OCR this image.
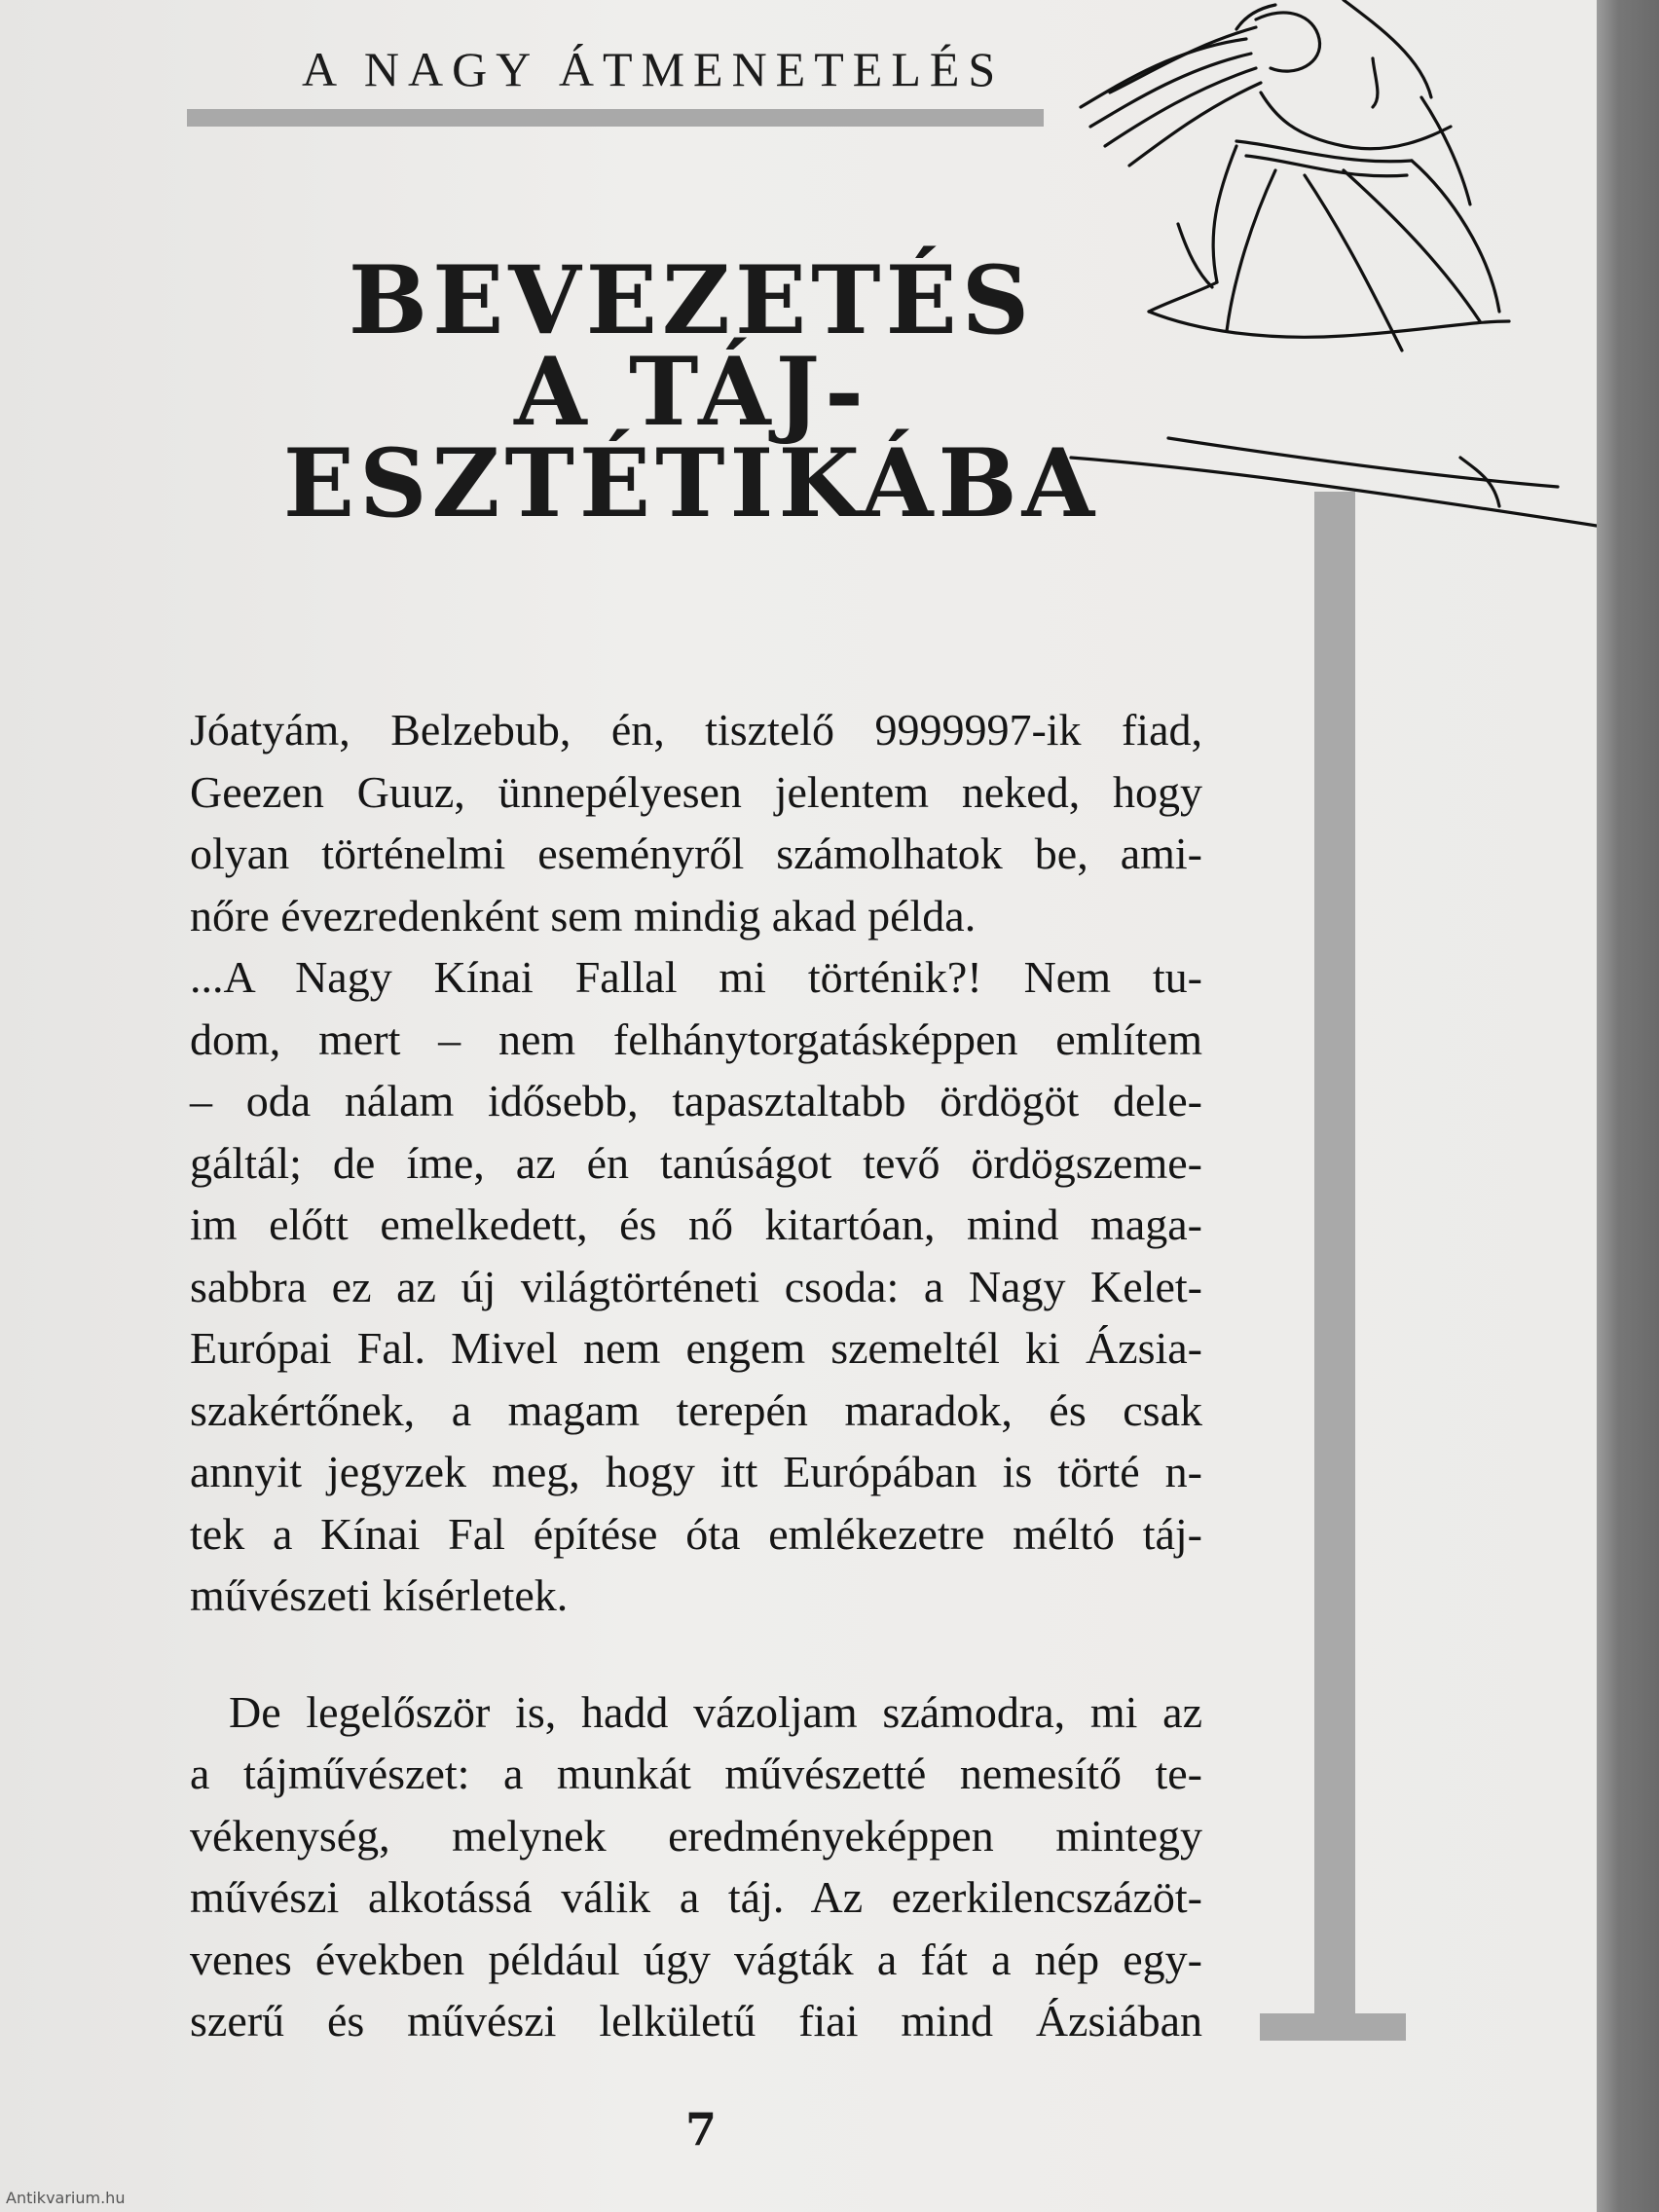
A NAGY ÁTMENETELÉS
BEVEZETÉS
A TÁJ-
ESZTÉTIKÁBA
Jóatyám, Belzebub, én, tisztelő 9999997-ik fiad,
Geezen Guuz, ünnepélyesen jelentem neked, hogy
olyan történelmi eseményről számolhatok be, ami-
nőre évezredenként sem mindig akad példa.
...A Nagy Kínai Fallal mi történik?! Nem tu-
dom, mert – nem felhánytorgatásképpen említem
– oda nálam idősebb, tapasztaltabb ördögöt dele-
gáltál; de íme, az én tanúságot tevő ördögszeme-
im előtt emelkedett, és nő kitartóan, mind maga-
sabbra ez az új világtörténeti csoda: a Nagy Kelet-
Európai Fal. Mivel nem engem szemeltél ki Ázsia-
szakértőnek, a magam terepén maradok, és csak
annyit jegyzek meg, hogy itt Európában is törté n-
tek a Kínai Fal építése óta emlékezetre méltó táj-
művészeti kísérletek.
De legelőször is, hadd vázoljam számodra, mi az
a tájművészet: a munkát művészetté nemesítő te-
vékenység, melynek eredményeképpen mintegy
művészi alkotássá válik a táj. Az ezerkilencszázöt-
venes években például úgy vágták a fát a nép egy-
szerű és művészi lelkületű fiai mind Ázsiában
7
Antikvarium.hu
